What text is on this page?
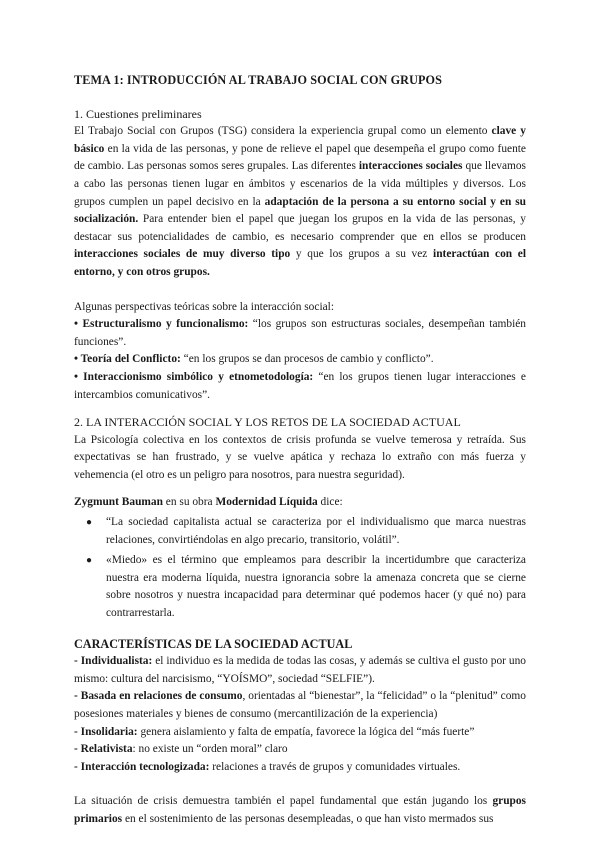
TEMA 1: INTRODUCCIÓN AL TRABAJO SOCIAL CON GRUPOS

1. Cuestiones preliminares

El Trabajo Social con Grupos (TSG) considera la experiencia grupal como un elemento clave y básico en la vida de las personas, y pone de relieve el papel que desempeña el grupo como fuente de cambio. Las personas somos seres grupales. Las diferentes interacciones sociales que llevamos a cabo las personas tienen lugar en ámbitos y escenarios de la vida múltiples y diversos. Los grupos cumplen un papel decisivo en la adaptación de la persona a su entorno social y en su socialización. Para entender bien el papel que juegan los grupos en la vida de las personas, y destacar sus potencialidades de cambio, es necesario comprender que en ellos se producen interacciones sociales de muy diverso tipo y que los grupos a su vez interactúan con el entorno, y con otros grupos.

Algunas perspectivas teóricas sobre la interacción social:

• Estructuralismo y funcionalismo: “los grupos son estructuras sociales, desempeñan también funciones”.
• Teoría del Conflicto: “en los grupos se dan procesos de cambio y conflicto”.
• Interaccionismo simbólico y etnometodología: “en los grupos tienen lugar interacciones e intercambios comunicativos”.

2. LA INTERACCIÓN SOCIAL Y LOS RETOS DE LA SOCIEDAD ACTUAL

La Psicología colectiva en los contextos de crisis profunda se vuelve temerosa y retraída. Sus expectativas se han frustrado, y se vuelve apática y rechaza lo extraño con más fuerza y vehemencia (el otro es un peligro para nosotros, para nuestra seguridad).

Zygmunt Bauman en su obra Modernidad Líquida dice:

● “La sociedad capitalista actual se caracteriza por el individualismo que marca nuestras relaciones, convirtiéndolas en algo precario, transitorio, volátil”.
● «Miedo» es el término que empleamos para describir la incertidumbre que caracteriza nuestra era moderna líquida, nuestra ignorancia sobre la amenaza concreta que se cierne sobre nosotros y nuestra incapacidad para determinar qué podemos hacer (y qué no) para contrarrestarla.

CARACTERÍSTICAS DE LA SOCIEDAD ACTUAL

- Individualista: el individuo es la medida de todas las cosas, y además se cultiva el gusto por uno mismo: cultura del narcisismo, “YOÍSMO”, sociedad “SELFIE”).

- Basada en relaciones de consumo, orientadas al “bienestar”, la “felicidad” o la “plenitud” como posesiones materiales y bienes de consumo (mercantilización de la experiencia)

- Insolidaria: genera aislamiento y falta de empatía, favorece la lógica del “más fuerte”

- Relativista: no existe un “orden moral” claro

- Interacción tecnologizada: relaciones a través de grupos y comunidades virtuales.

La situación de crisis demuestra también el papel fundamental que están jugando los grupos primarios en el sostenimiento de las personas desempleadas, o que han visto mermados sus
